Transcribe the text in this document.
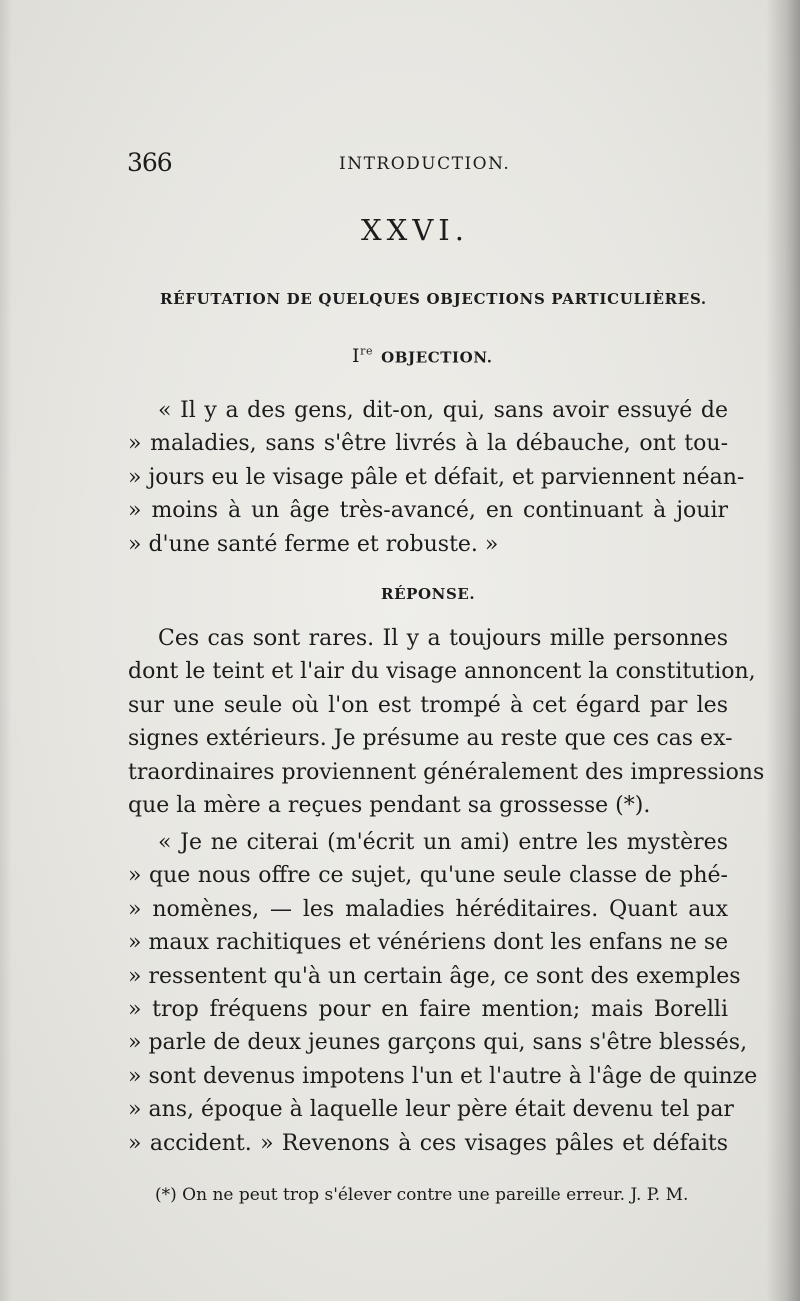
366	INTRODUCTION.
XXVI.
RÉFUTATION DE QUELQUES OBJECTIONS PARTICULIÈRES.
Ire OBJECTION.
« Il y a des gens, dit-on, qui, sans avoir essuyé de
» maladies, sans s'être livrés à la débauche, ont tou-
» jours eu le visage pâle et défait, et parviennent néan-
» moins à un âge très-avancé, en continuant à jouir
» d'une santé ferme et robuste. »
RÉPONSE.
Ces cas sont rares. Il y a toujours mille personnes
dont le teint et l'air du visage annoncent la constitution,
sur une seule où l'on est trompé à cet égard par les
signes extérieurs. Je présume au reste que ces cas ex-
traordinaires proviennent généralement des impressions
que la mère a reçues pendant sa grossesse (*).
« Je ne citerai (m'écrit un ami) entre les mystères
» que nous offre ce sujet, qu'une seule classe de phé-
» nomènes, — les maladies héréditaires. Quant aux
» maux rachitiques et vénériens dont les enfans ne se
» ressentent qu'à un certain âge, ce sont des exemples
» trop fréquens pour en faire mention; mais Borelli
» parle de deux jeunes garçons qui, sans s'être blessés,
» sont devenus impotens l'un et l'autre à l'âge de quinze
» ans, époque à laquelle leur père était devenu tel par
» accident. » Revenons à ces visages pâles et défaits
(*) On ne peut trop s'élever contre une pareille erreur. J. P. M.
